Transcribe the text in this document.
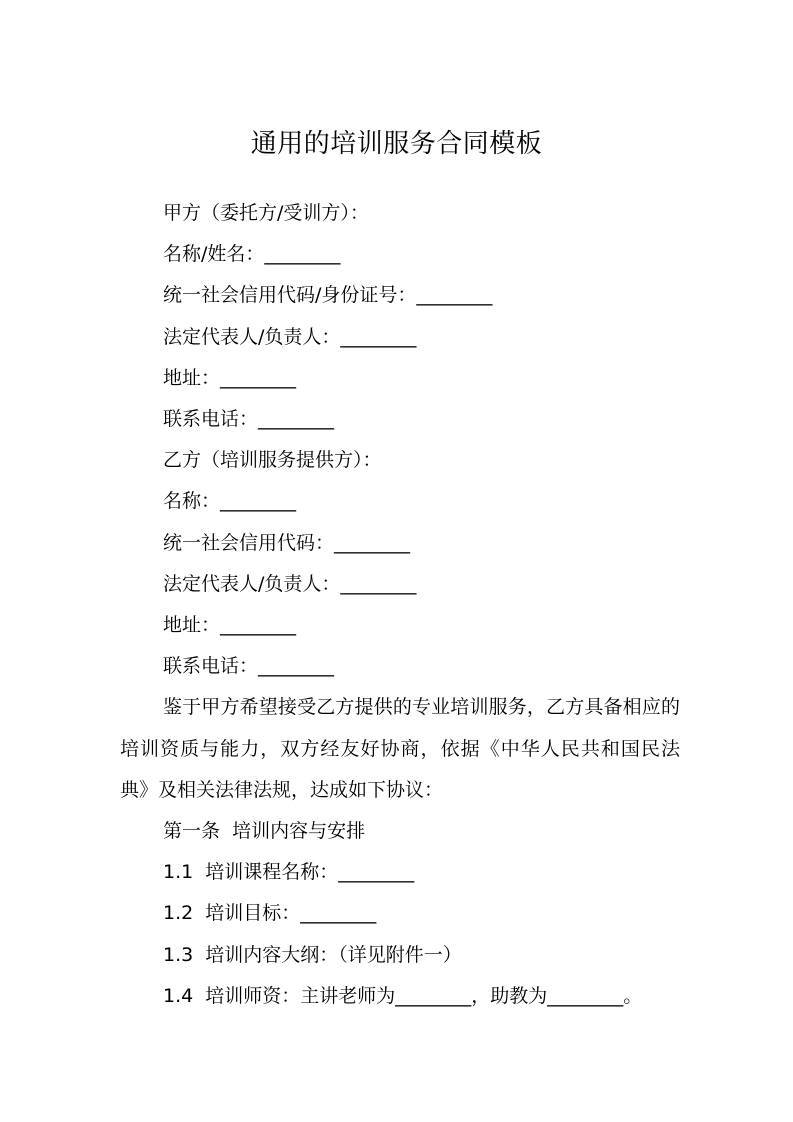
通用的培训服务合同模板
甲方（委托方/受训方）：
名称/姓名：________
统一社会信用代码/身份证号：________
法定代表人/负责人：________
地址：________
联系电话：________
乙方（培训服务提供方）：
名称：________
统一社会信用代码：________
法定代表人/负责人：________
地址：________
联系电话：________

鉴于甲方希望接受乙方提供的专业培训服务，乙方具备相应的培训资质与能力，双方经友好协商，依据《中华人民共和国民法典》及相关法律法规，达成如下协议：

第一条  培训内容与安排
1.1  培训课程名称：________
1.2  培训目标：________
1.3  培训内容大纲：（详见附件一）
1.4  培训师资：主讲老师为________，助教为________。
